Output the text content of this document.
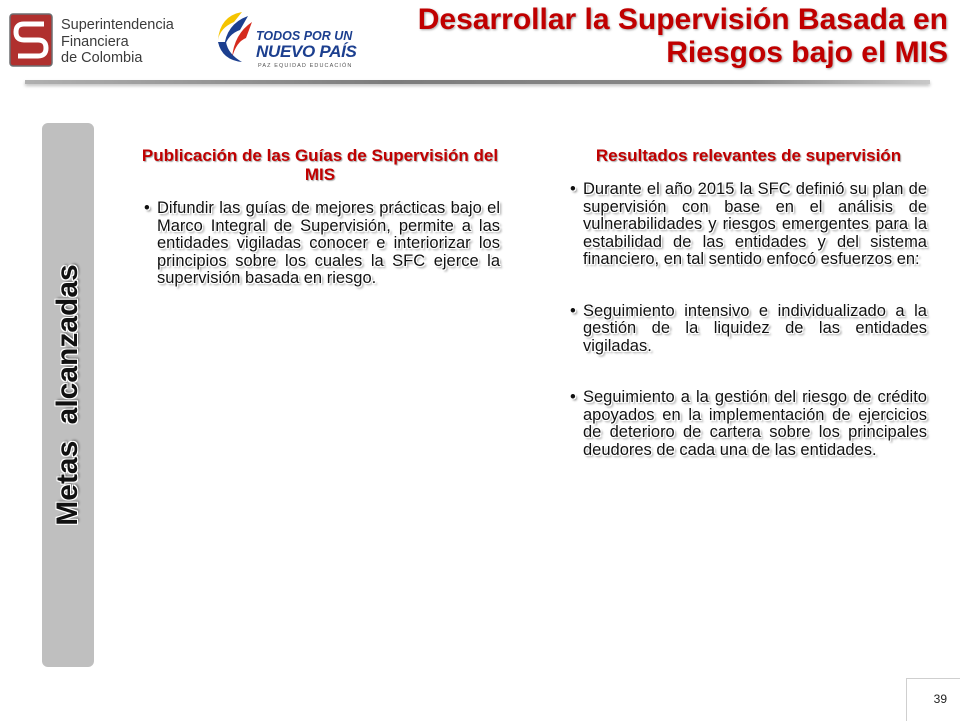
Superintendencia
Financiera
de Colombia
TODOS POR UN
NUEVO PAÍS
PAZ EQUIDAD EDUCACIÓN
Desarrollar la Supervisión Basada en
Riesgos bajo el MIS
Metas alcanzadas
Publicación de las Guías de Supervisión del MIS
• Difundir las guías de mejores prácticas bajo el Marco Integral de Supervisión, permite a las entidades vigiladas conocer e interiorizar los principios sobre los cuales la SFC ejerce la supervisión basada en riesgo.
Resultados relevantes de supervisión
• Durante el año 2015 la SFC definió su plan de supervisión con base en el análisis de vulnerabilidades y riesgos emergentes para la estabilidad de las entidades y del sistema financiero, en tal sentido enfocó esfuerzos en:
• Seguimiento intensivo e individualizado a la gestión de la liquidez de las entidades vigiladas.
• Seguimiento a la gestión del riesgo de crédito apoyados en la implementación de ejercicios de deterioro de cartera sobre los principales deudores de cada una de las entidades.
39
